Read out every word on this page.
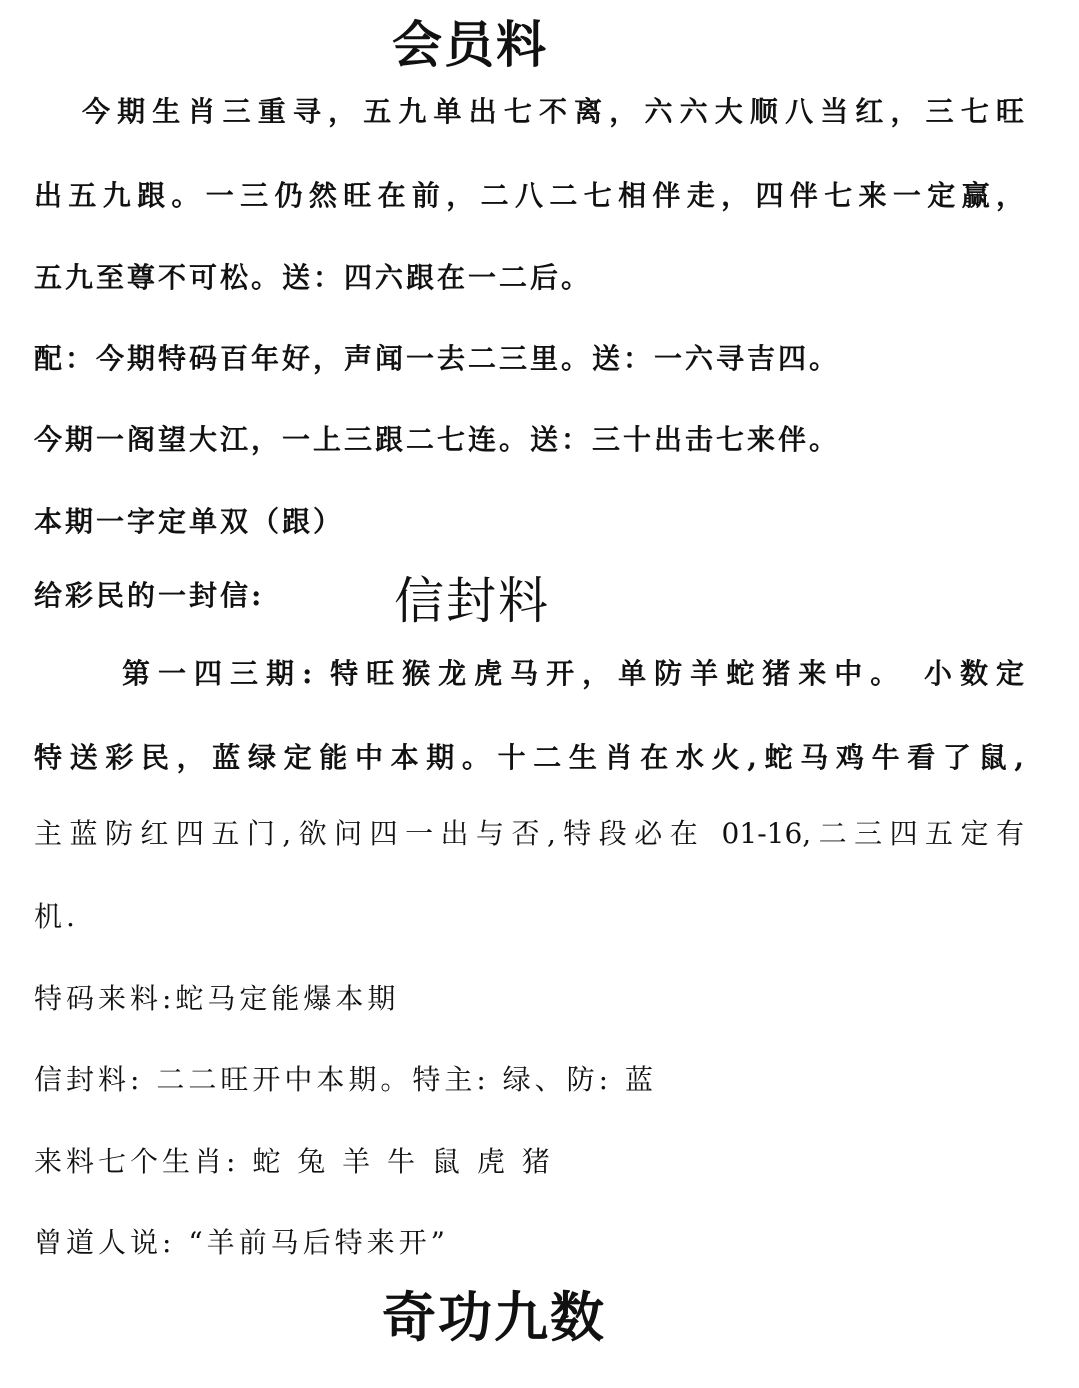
会员料
今期生肖三重寻，五九单出七不离，六六大顺八当红，三七旺
出五九跟。一三仍然旺在前，二八二七相伴走，四伴七来一定赢，
五九至尊不可松。送：四六跟在一二后。
配：今期特码百年好，声闻一去二三里。送：一六寻吉四。
今期一阁望大江，一上三跟二七连。送：三十出击七来伴。
本期一字定单双（跟）
给彩民的一封信:	信封料
第一四三期: 特旺猴龙虎马开，单防羊蛇猪来中。 小数定
特送彩民，蓝绿定能中本期。十二生肖在水火,蛇马鸡牛看了鼠,
主蓝防红四五门,欲问四一出与否,特段必在 01-16,二三四五定有
机.
特码来料:蛇马定能爆本期
信封料: 二二旺开中本期。特主: 绿、防: 蓝
来料七个生肖: 蛇 兔 羊 牛 鼠 虎 猪
曾道人说: “羊前马后特来开”
奇功九数
